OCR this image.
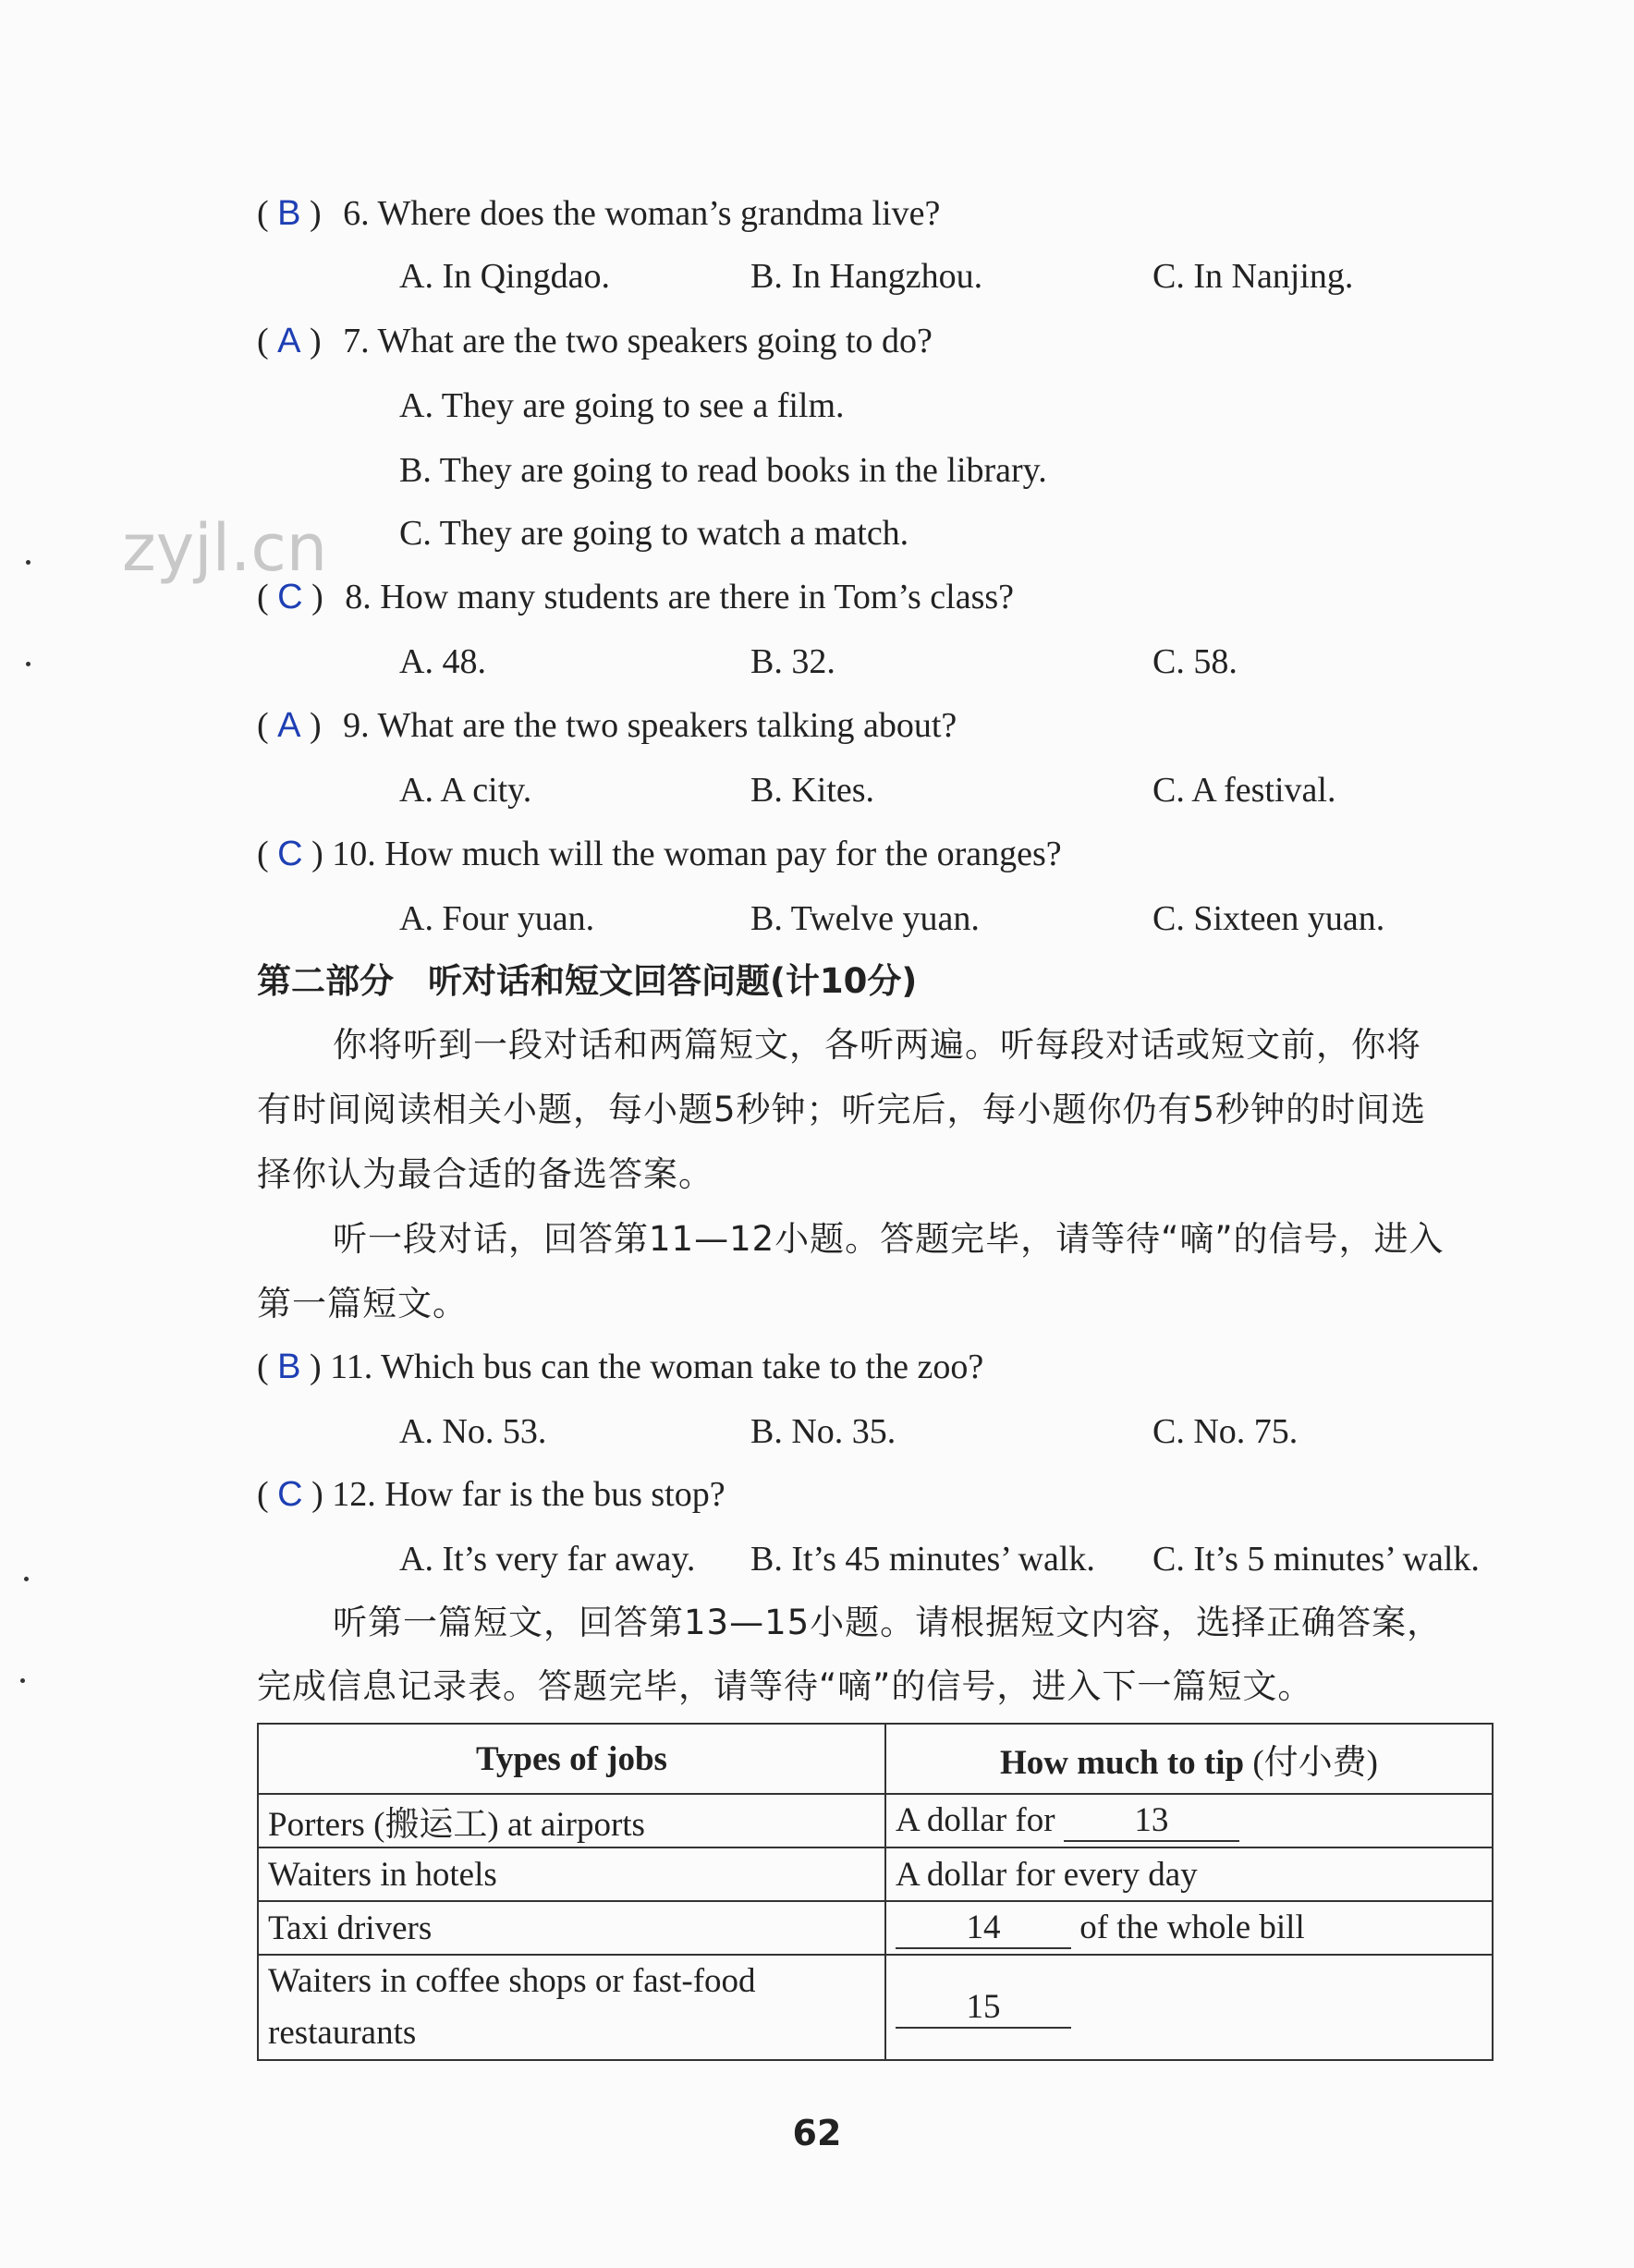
zyjl.cn
( B ) 6. Where does the woman’s grandma live?
A. In Qingdao.	B. In Hangzhou.	C. In Nanjing.
( A ) 7. What are the two speakers going to do?
A. They are going to see a film.
B. They are going to read books in the library.
C. They are going to watch a match.
( C ) 8. How many students are there in Tom’s class?
A. 48.	B. 32.	C. 58.
( A ) 9. What are the two speakers talking about?
A. A city.	B. Kites.	C. A festival.
( C ) 10. How much will the woman pay for the oranges?
A. Four yuan.	B. Twelve yuan.	C. Sixteen yuan.
第二部分　听对话和短文回答问题(计10分)
你将听到一段对话和两篇短文，各听两遍。听每段对话或短文前，你将
有时间阅读相关小题，每小题5秒钟；听完后，每小题你仍有5秒钟的时间选
择你认为最合适的备选答案。
听一段对话，回答第11—12小题。答题完毕，请等待“嘀”的信号，进入
第一篇短文。
( B ) 11. Which bus can the woman take to the zoo?
A. No. 53.	B. No. 35.	C. No. 75.
( C ) 12. How far is the bus stop?
A. It’s very far away. B. It’s 45 minutes’ walk. C. It’s 5 minutes’ walk.
听第一篇短文，回答第13—15小题。请根据短文内容，选择正确答案，
完成信息记录表。答题完毕，请等待“嘀”的信号，进入下一篇短文。
Types of jobs	How much to tip (付小费)
Porters (搬运工) at airports	A dollar for 13
Waiters in hotels	A dollar for every day
Taxi drivers	14 of the whole bill
Waiters in coffee shops or fast-food
restaurants	15
62
